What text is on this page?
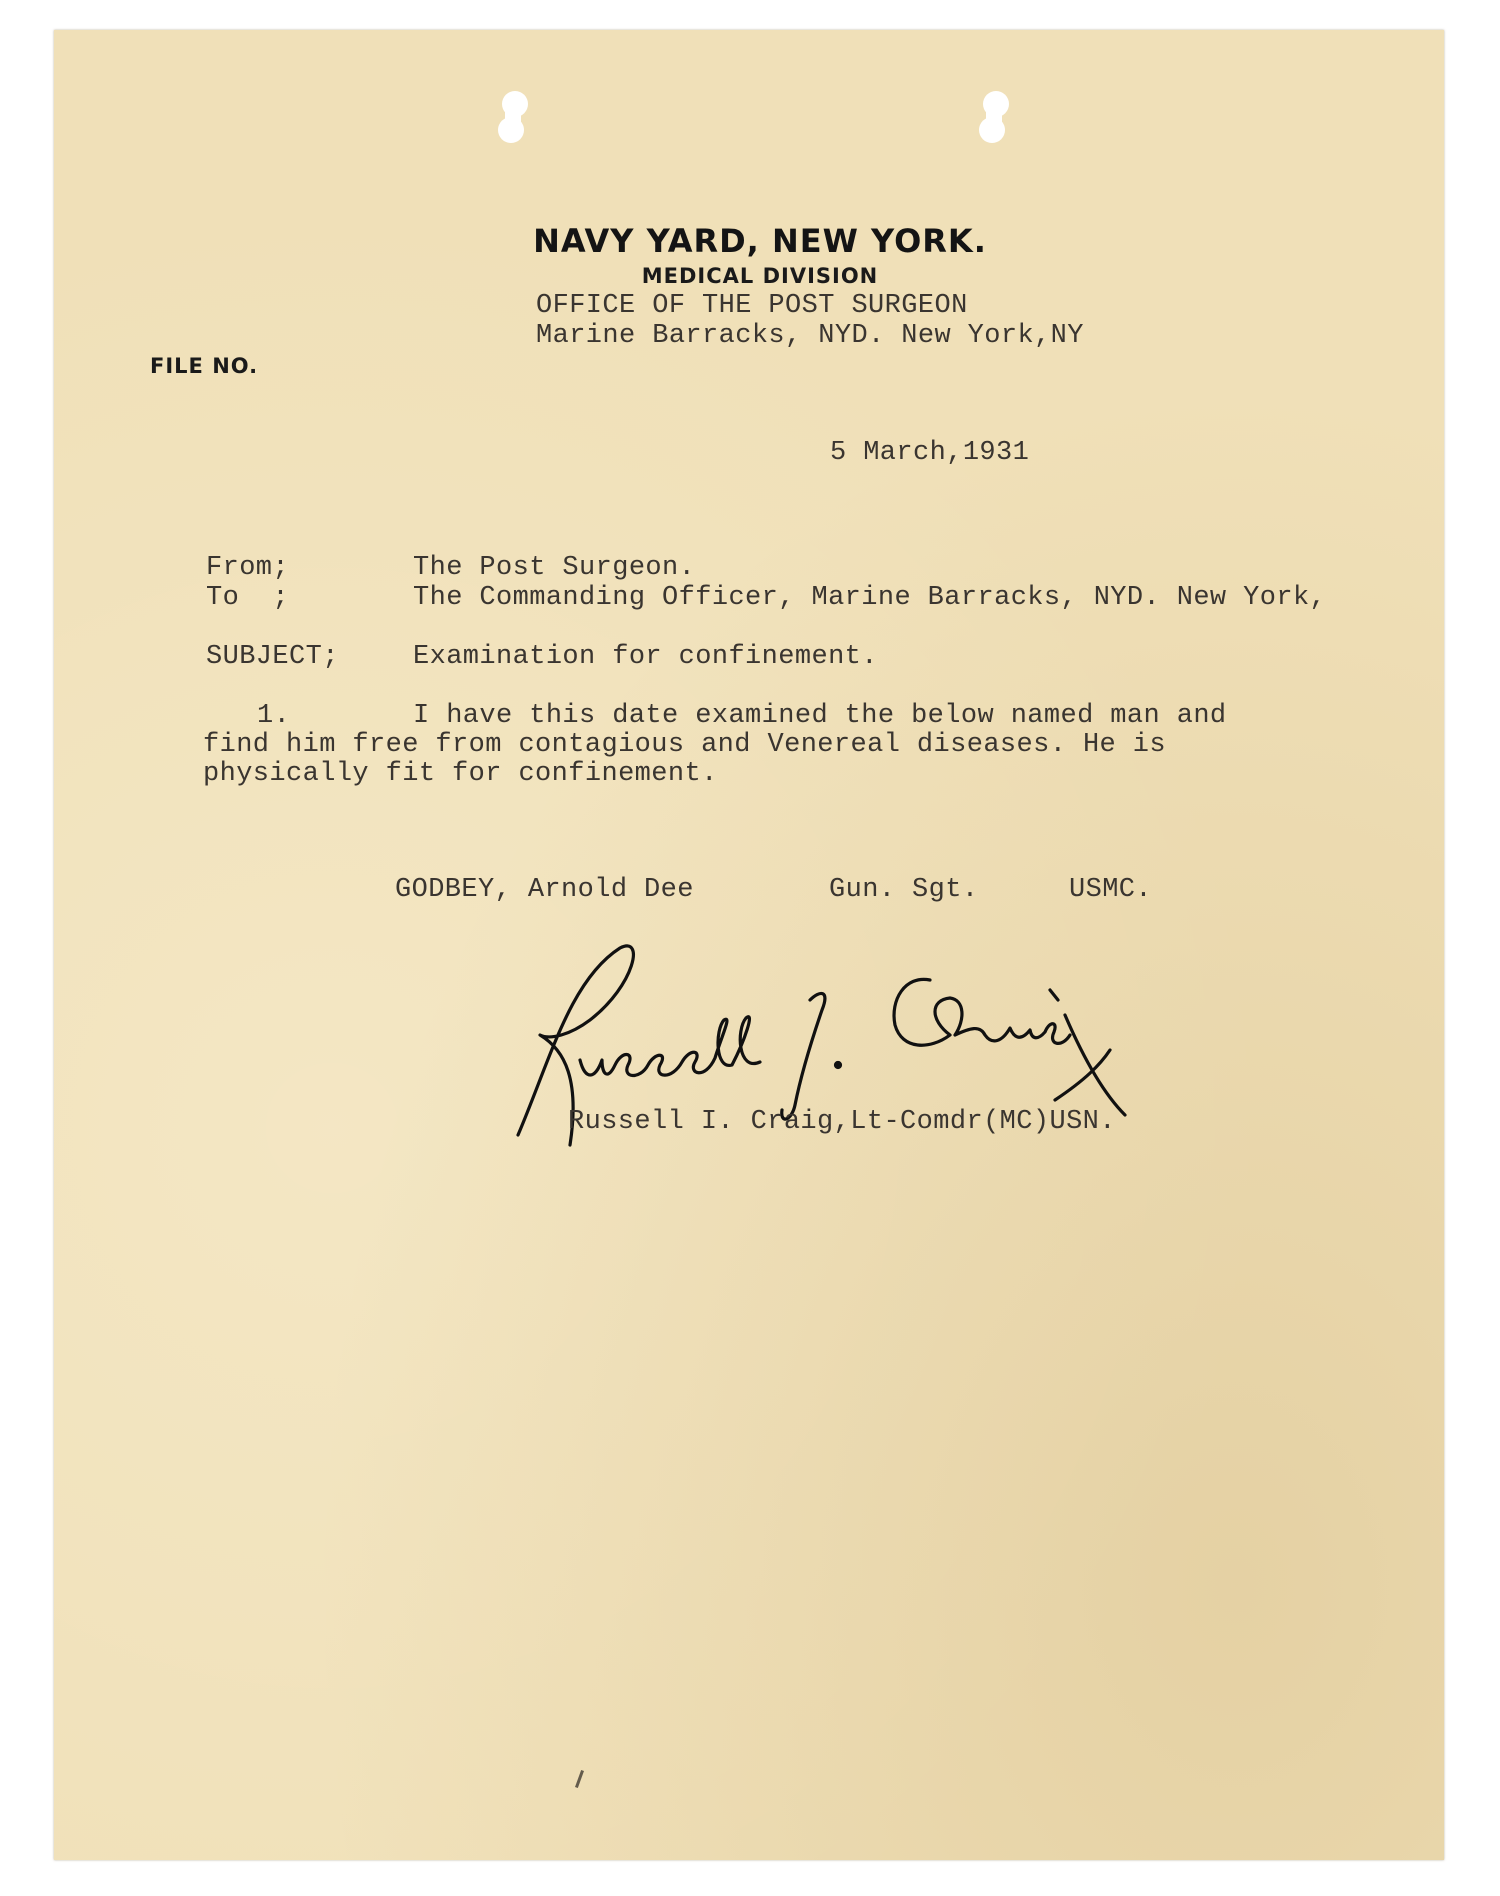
NAVY YARD, NEW YORK.
MEDICAL DIVISION
FILE NO.
OFFICE OF THE POST SURGEON
Marine Barracks, NYD. New York,NY
5 March,1931
From;	The Post Surgeon.
To  ;	The Commanding Officer, Marine Barracks, NYD. New York,
SUBJECT;	Examination for confinement.
1.	I have this date examined the below named man and
find him free from contagious and Venereal diseases. He is
physically fit for confinement.
GODBEY, Arnold Dee	Gun. Sgt.	USMC.
Russell I. Craig,Lt-Comdr(MC)USN.
